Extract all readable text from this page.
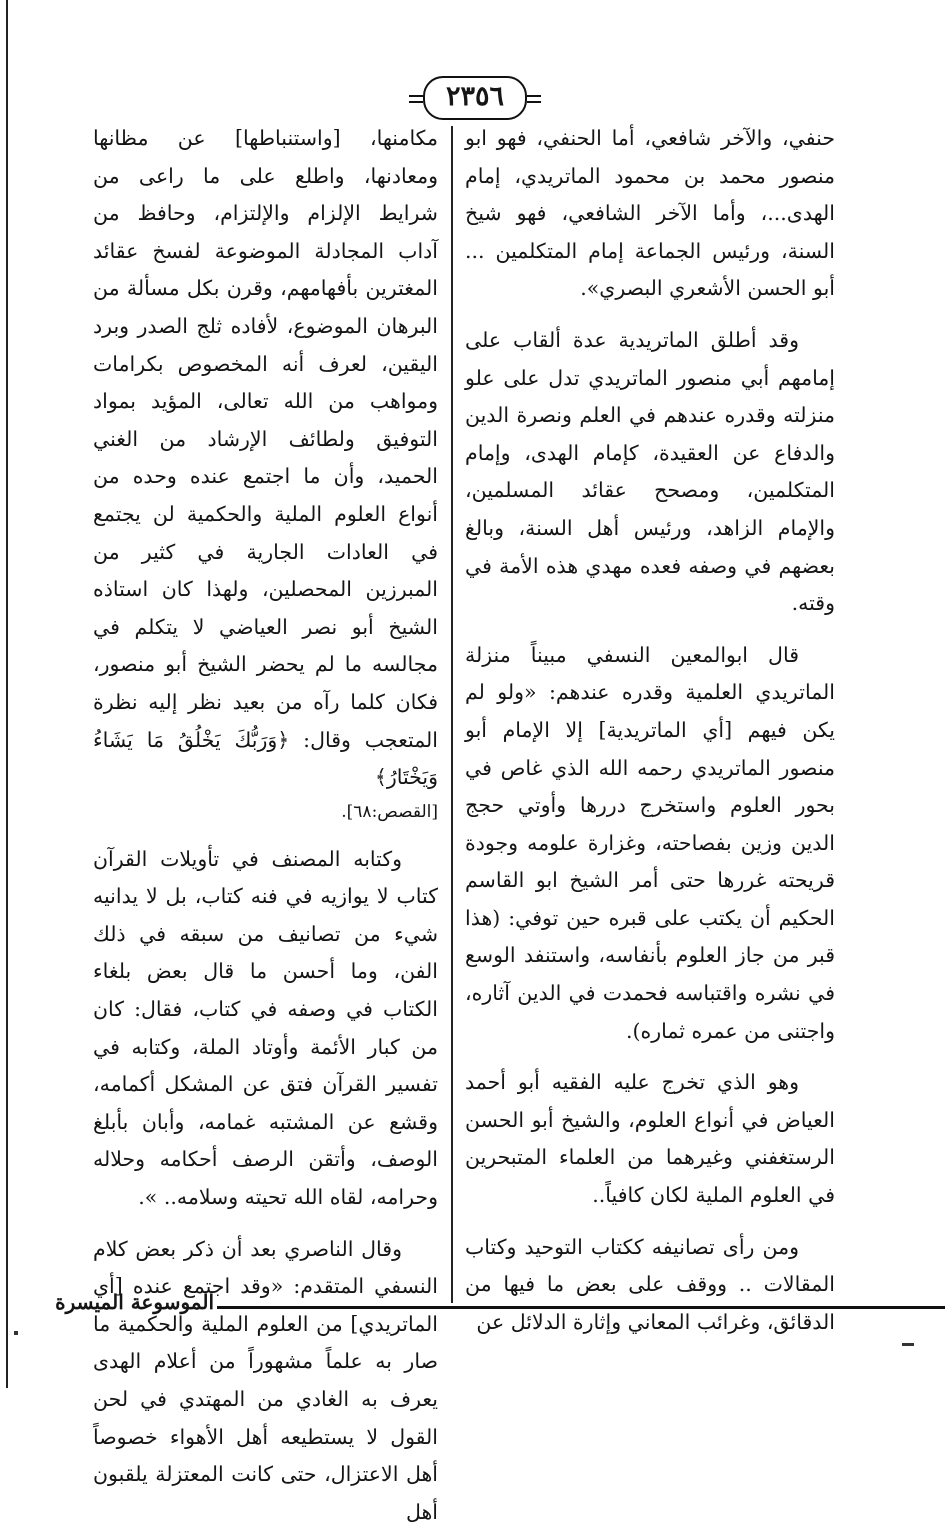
٢٣٥٦

حنفي، والآخر شافعي، أما الحنفي، فهو ابو منصور محمد بن محمود الماتريدي، إمام الهدى...، وأما الآخر الشافعي، فهو شيخ السنة، ورئيس الجماعة إمام المتكلمين ... أبو الحسن الأشعري البصري».

وقد أطلق الماتريدية عدة ألقاب على إمامهم أبي منصور الماتريدي تدل على علو منزلته وقدره عندهم في العلم ونصرة الدين والدفاع عن العقيدة، كإمام الهدى، وإمام المتكلمين، ومصحح عقائد المسلمين، والإمام الزاهد، ورئيس أهل السنة، وبالغ بعضهم في وصفه فعده مهدي هذه الأمة في وقته.

قال ابوالمعين النسفي مبيناً منزلة الماتريدي العلمية وقدره عندهم: «ولو لم يكن فيهم [أي الماتريدية] إلا الإمام أبو منصور الماتريدي رحمه الله الذي غاص في بحور العلوم واستخرج دررها وأوتي حجج الدين وزين بفصاحته، وغزارة علومه وجودة قريحته غررها حتى أمر الشيخ ابو القاسم الحكيم أن يكتب على قبره حين توفي: (هذا قبر من جاز العلوم بأنفاسه، واستنفد الوسع في نشره واقتباسه فحمدت في الدين آثاره، واجتنى من عمره ثماره).

وهو الذي تخرج عليه الفقيه أبو أحمد العياض في أنواع العلوم، والشيخ أبو الحسن الرستغفني وغيرهما من العلماء المتبحرين في العلوم الملية لكان كافياً..

ومن رأى تصانيفه ككتاب التوحيد وكتاب المقالات .. ووقف على بعض ما فيها من الدقائق، وغرائب المعاني وإثارة الدلائل عن

مكامنها، [واستنباطها] عن مظانها ومعادنها، واطلع على ما راعى من شرايط الإلزام والإلتزام، وحافظ من آداب المجادلة الموضوعة لفسخ عقائد المغترين بأفهامهم، وقرن بكل مسألة من البرهان الموضوع، لأفاده ثلج الصدر وبرد اليقين، لعرف أنه المخصوص بكرامات ومواهب من الله تعالى، المؤيد بمواد التوفيق ولطائف الإرشاد من الغني الحميد، وأن ما اجتمع عنده وحده من أنواع العلوم الملية والحكمية لن يجتمع في العادات الجارية في كثير من المبرزين المحصلين، ولهذا كان استاذه الشيخ أبو نصر العياضي لا يتكلم في مجالسه ما لم يحضر الشيخ أبو منصور، فكان كلما رآه من بعيد نظر إليه نظرة المتعجب وقال: ﴿وَرَبُّكَ يَخْلُقُ مَا يَشَاءُ وَيَخْتَارُ﴾

[القصص:٦٨].

وكتابه المصنف في تأويلات القرآن كتاب لا يوازيه في فنه كتاب، بل لا يدانيه شيء من تصانيف من سبقه في ذلك الفن، وما أحسن ما قال بعض بلغاء الكتاب في وصفه في كتاب، فقال: كان من كبار الأئمة وأوتاد الملة، وكتابه في تفسير القرآن فتق عن المشكل أكمامه، وقشع عن المشتبه غمامه، وأبان بأبلغ الوصف، وأتقن الرصف أحكامه وحلاله وحرامه، لقاه الله تحيته وسلامه.. ».

وقال الناصري بعد أن ذكر بعض كلام النسفي المتقدم: «وقد اجتمع عنده [أي الماتريدي] من العلوم الملية والحكمية ما صار به علماً مشهوراً من أعلام الهدى يعرف به الغادي من المهتدي في لحن القول لا يستطيعه أهل الأهواء خصوصاً أهل الاعتزال، حتى كانت المعتزلة يلقبون أهل

الموسوعة الميسرة
